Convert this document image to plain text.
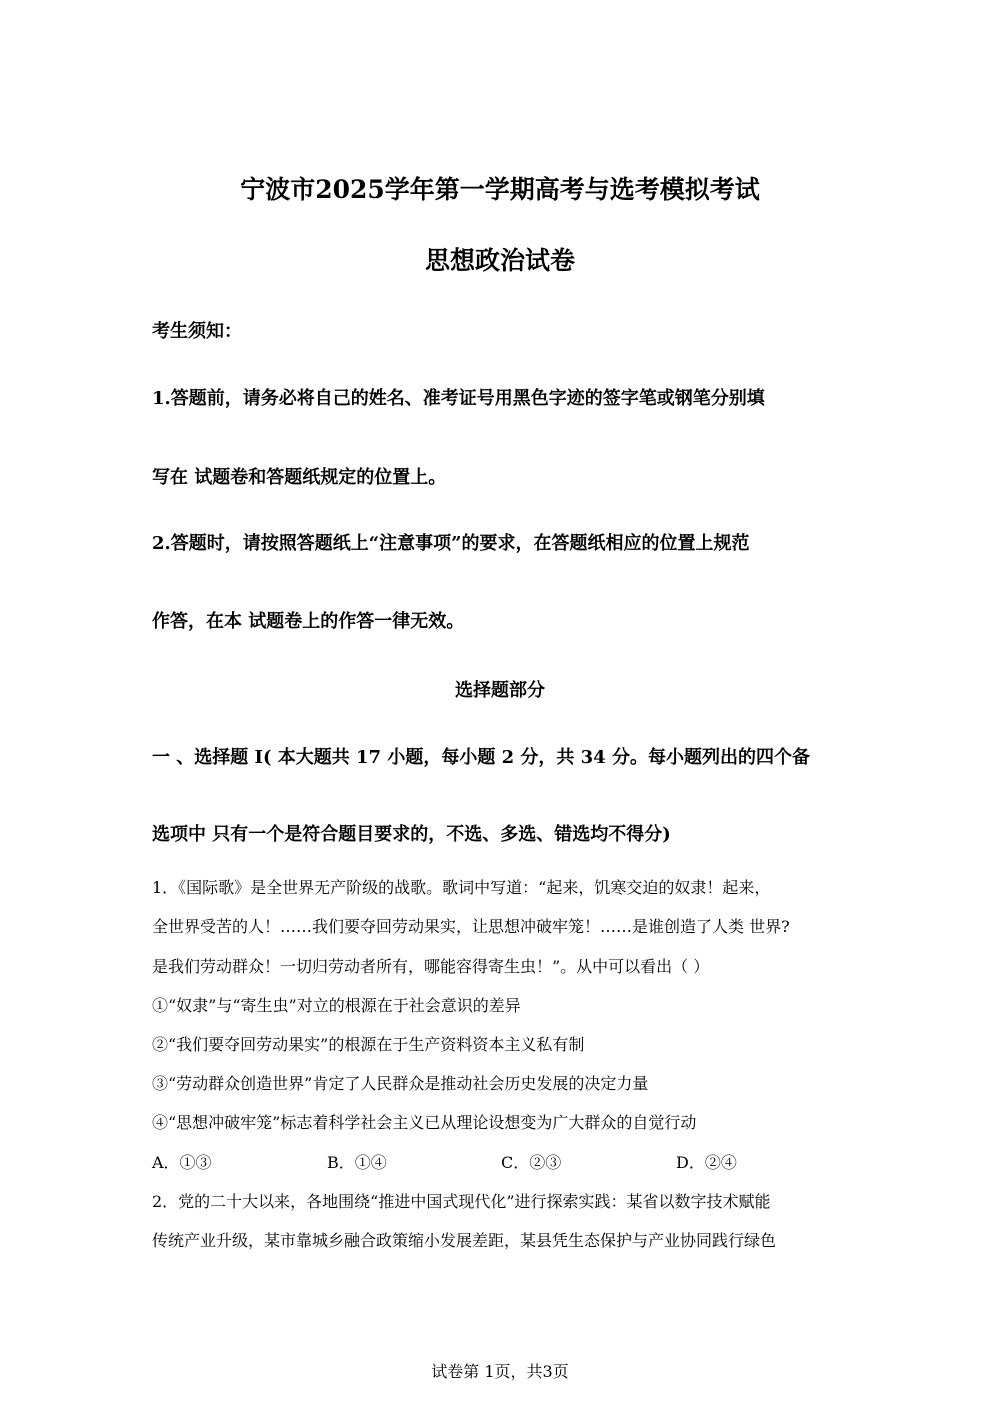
宁波市2025学年第一学期高考与选考模拟考试
思想政治试卷

考生须知：

1.答题前，请务必将自己的姓名、准考证号用黑色字迹的签字笔或钢笔分别填

写在 试题卷和答题纸规定的位置上。

2.答题时，请按照答题纸上“注意事项”的要求，在答题纸相应的位置上规范

作答，在本 试题卷上的作答一律无效。

选择题部分

一 、选择题 I( 本大题共 17 小题，每小题 2 分，共 34 分。每小题列出的四个备

选项中 只有一个是符合题目要求的，不选、多选、错选均不得分)

1．《国际歌》是全世界无产阶级的战歌。歌词中写道：“起来，饥寒交迫的奴隶！起来，

全世界受苦的人！……我们要夺回劳动果实，让思想冲破牢笼！……是谁创造了人类 世界?

是我们劳动群众！一切归劳动者所有，哪能容得寄生虫！”。从中可以看出（ ）

①“奴隶”与“寄生虫”对立的根源在于社会意识的差异

②“我们要夺回劳动果实”的根源在于生产资料资本主义私有制

③“劳动群众创造世界”肯定了人民群众是推动社会历史发展的决定力量

④“思想冲破牢笼”标志着科学社会主义已从理论设想变为广大群众的自觉行动

A．①③	B．①④	C．②③	D．②④

2．党的二十大以来，各地围绕“推进中国式现代化”进行探索实践：某省以数字技术赋能

传统产业升级，某市靠城乡融合政策缩小发展差距，某县凭生态保护与产业协同践行绿色

试卷第 1页，共3页
